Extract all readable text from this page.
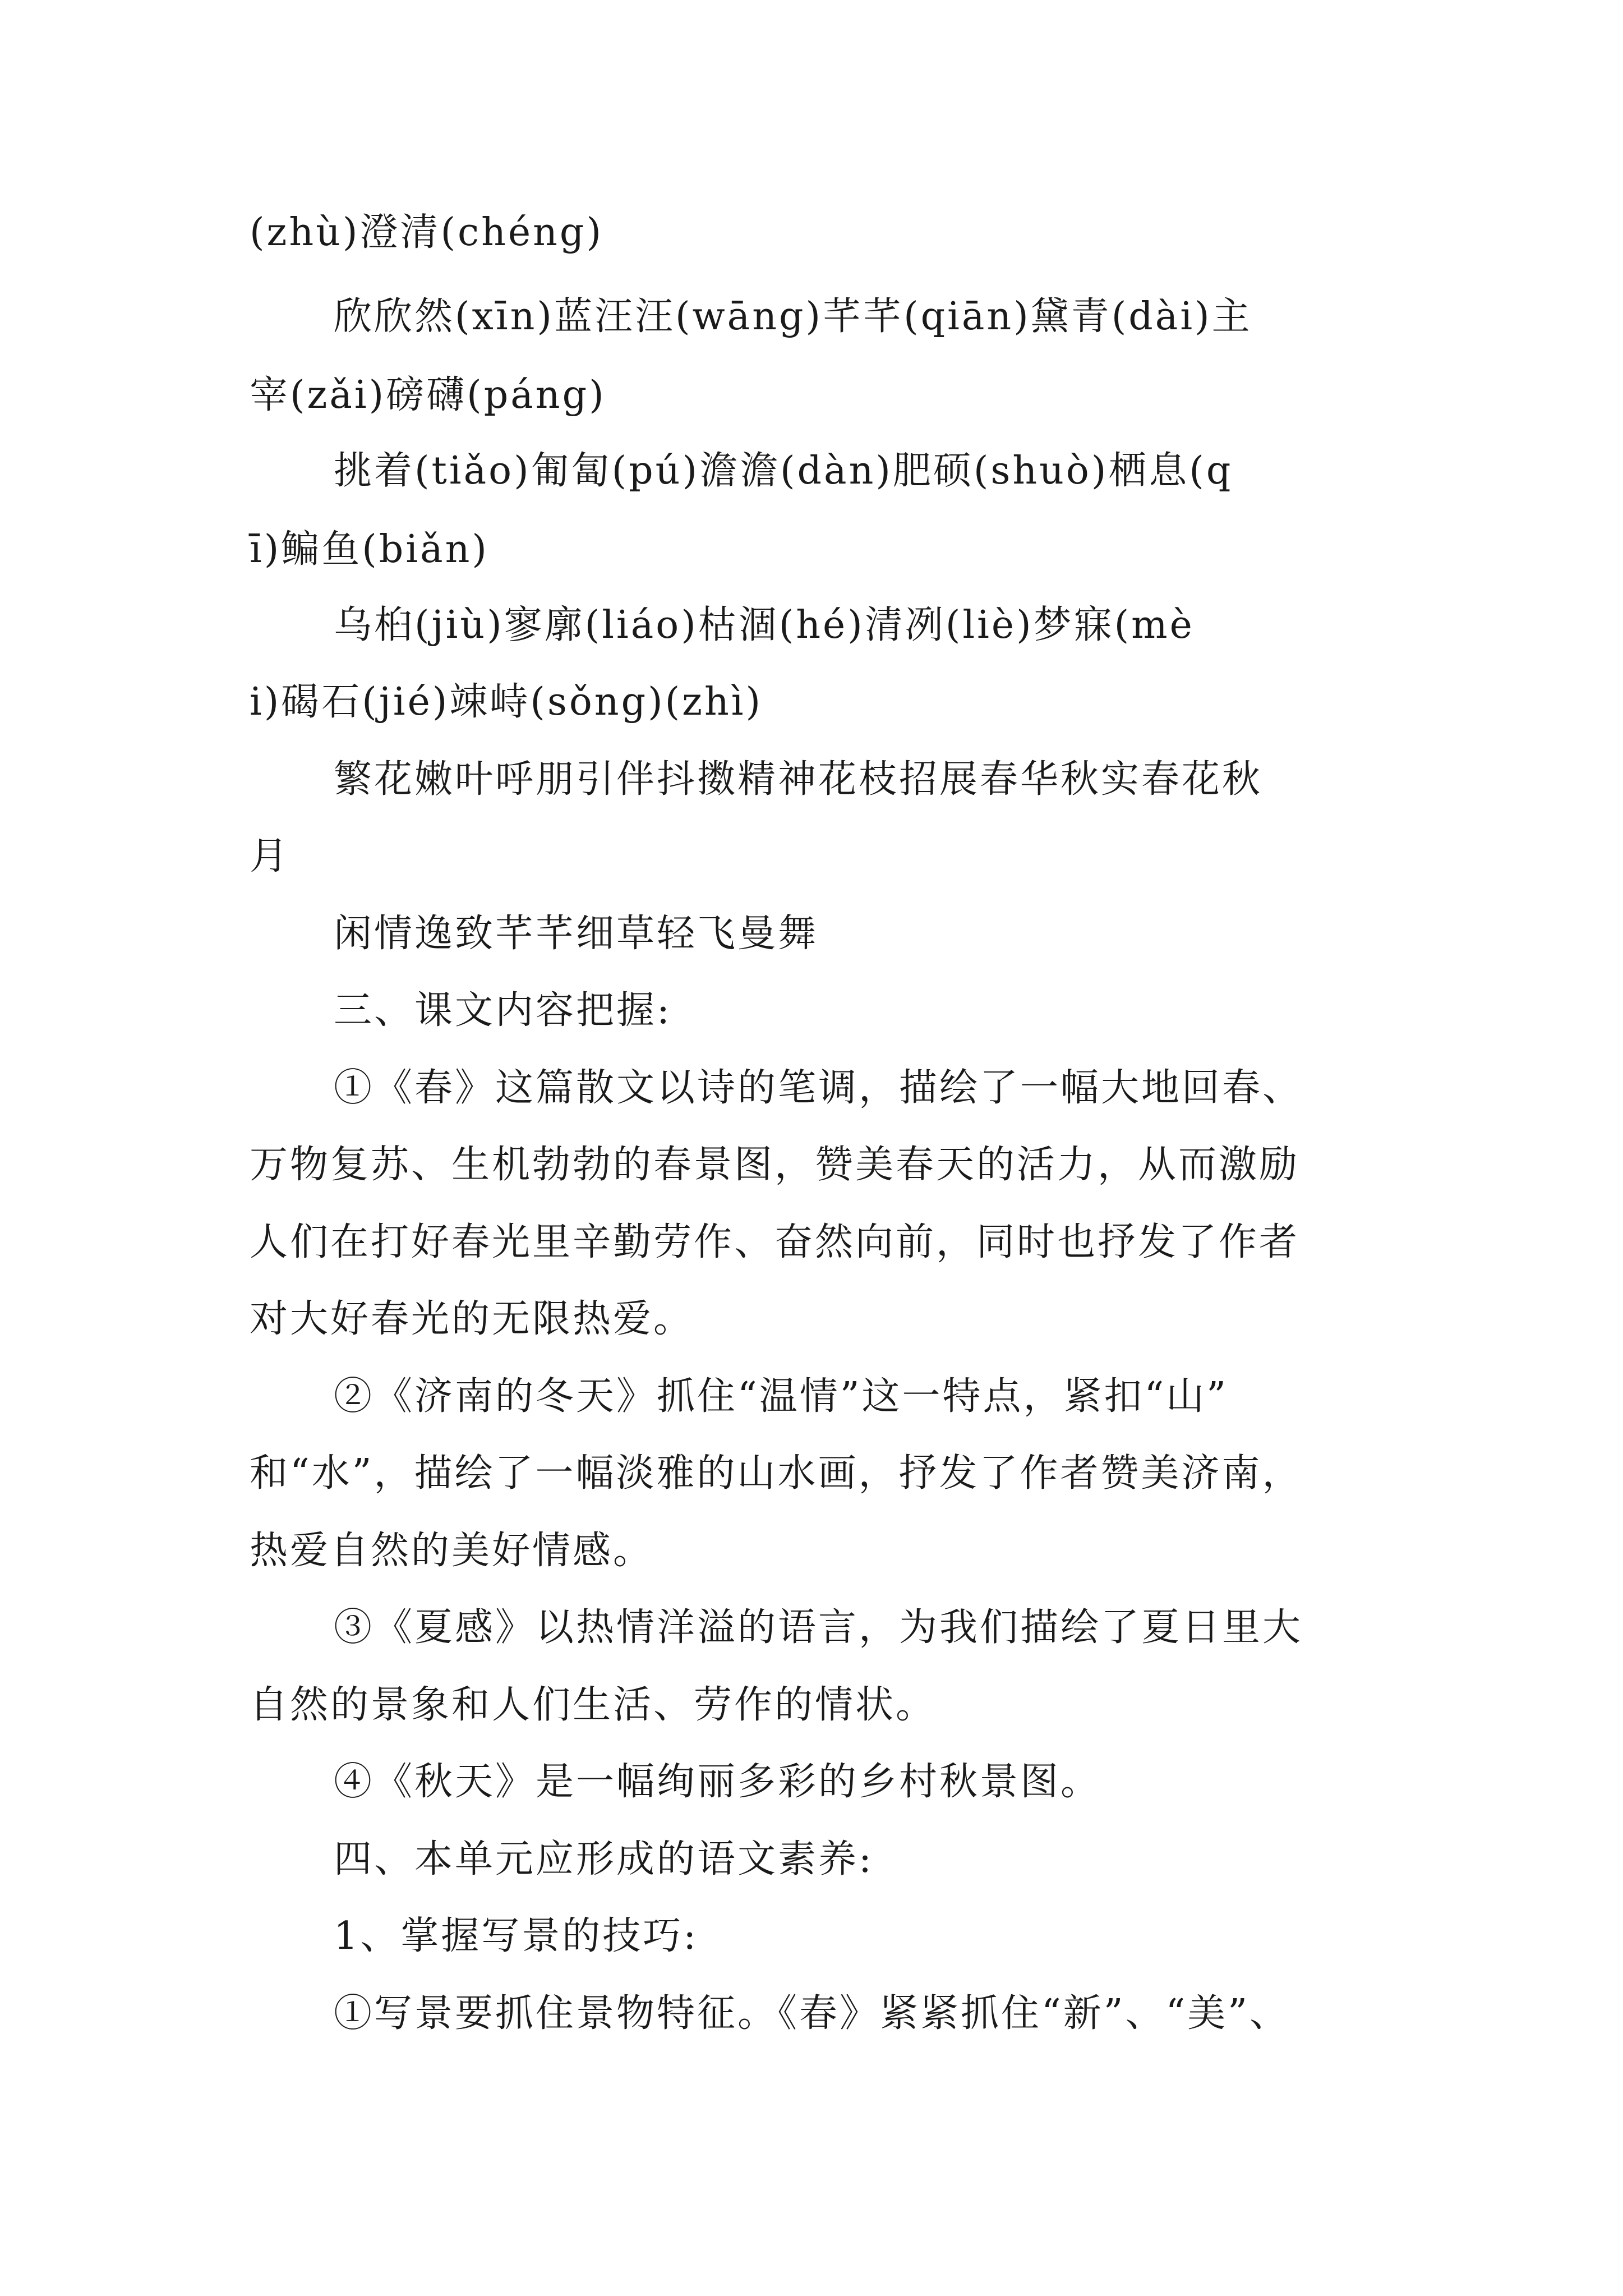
(zhù)澄清(chéng)
欣欣然(xīn)蓝汪汪(wāng)芊芊(qiān)黛青(dài)主
宰(zǎi)磅礴(páng)
挑着(tiǎo)匍匐(pú)澹澹(dàn)肥硕(shuò)栖息(q
ī)鳊鱼(biǎn)
乌桕(jiù)寥廓(liáo)枯涸(hé)清冽(liè)梦寐(mè
i)碣石(jié)竦峙(sǒng)(zhì)
繁花嫩叶呼朋引伴抖擞精神花枝招展春华秋实春花秋
月
闲情逸致芊芊细草轻飞曼舞
三、课文内容把握:
①《春》这篇散文以诗的笔调，描绘了一幅大地回春、
万物复苏、生机勃勃的春景图，赞美春天的活力，从而激励
人们在打好春光里辛勤劳作、奋然向前，同时也抒发了作者
对大好春光的无限热爱。
②《济南的冬天》抓住“温情”这一特点，紧扣“山”
和“水”，描绘了一幅淡雅的山水画，抒发了作者赞美济南，
热爱自然的美好情感。
③《夏感》以热情洋溢的语言，为我们描绘了夏日里大
自然的景象和人们生活、劳作的情状。
④《秋天》是一幅绚丽多彩的乡村秋景图。
四、本单元应形成的语文素养:
1、掌握写景的技巧:
①写景要抓住景物特征。《春》紧紧抓住“新”、“美”、
